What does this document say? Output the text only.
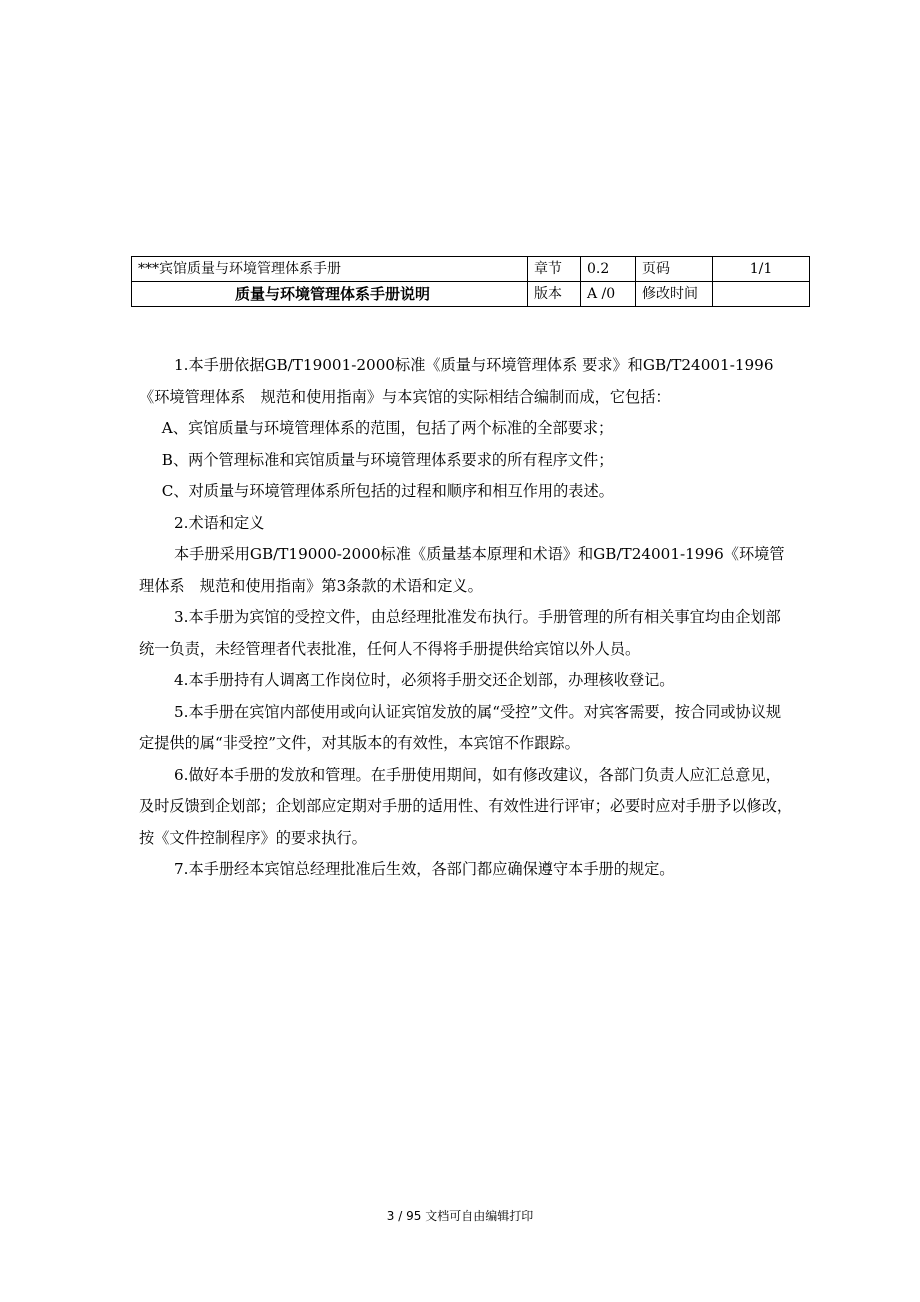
***宾馆质量与环境管理体系手册	章节	0.2	页码	1/1
质量与环境管理体系手册说明	版本	A /0	修改时间	

1.本手册依据GB/T19001-2000标准《质量与环境管理体系 要求》和GB/T24001-1996《环境管理体系　规范和使用指南》与本宾馆的实际相结合编制而成，它包括：

A、宾馆质量与环境管理体系的范围，包括了两个标准的全部要求；

B、两个管理标准和宾馆质量与环境管理体系要求的所有程序文件；

C、对质量与环境管理体系所包括的过程和顺序和相互作用的表述。

2.术语和定义

本手册采用GB/T19000-2000标准《质量基本原理和术语》和GB/T24001-1996《环境管理体系　规范和使用指南》第3条款的术语和定义。

3.本手册为宾馆的受控文件，由总经理批准发布执行。手册管理的所有相关事宜均由企划部统一负责，未经管理者代表批准，任何人不得将手册提供给宾馆以外人员。

4.本手册持有人调离工作岗位时，必须将手册交还企划部，办理核收登记。

5.本手册在宾馆内部使用或向认证宾馆发放的属“受控”文件。对宾客需要，按合同或协议规定提供的属“非受控”文件，对其版本的有效性，本宾馆不作跟踪。

6.做好本手册的发放和管理。在手册使用期间，如有修改建议，各部门负责人应汇总意见，及时反馈到企划部；企划部应定期对手册的适用性、有效性进行评审；必要时应对手册予以修改，按《文件控制程序》的要求执行。

7.本手册经本宾馆总经理批准后生效，各部门都应确保遵守本手册的规定。

3 / 95 文档可自由编辑打印
